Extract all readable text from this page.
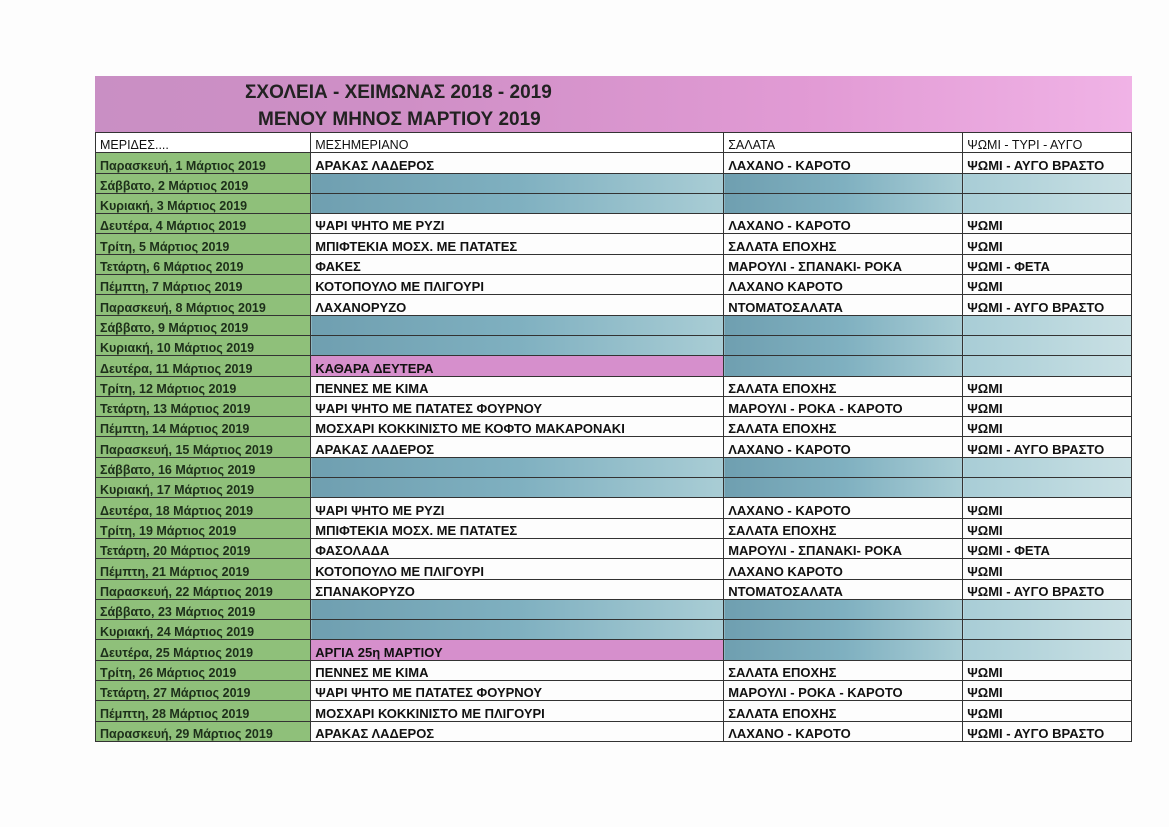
ΣΧΟΛΕΙΑ - ΧΕΙΜΩΝΑΣ 2018 - 2019
ΜΕΝΟΥ ΜΗΝΟΣ ΜΑΡΤΙΟΥ 2019
ΜΕΡΙΔΕΣ....	ΜΕΣΗΜΕΡΙΑΝΟ	ΣΑΛΑΤΑ	ΨΩΜΙ - ΤΥΡΙ - ΑΥΓΟ
Παρασκευή, 1 Μάρτιος 2019	ΑΡΑΚΑΣ ΛΑΔΕΡΟΣ	ΛΑΧΑΝΟ - ΚΑΡΟΤΟ	ΨΩΜΙ - ΑΥΓΟ ΒΡΑΣΤΟ
Σάββατο, 2 Μάρτιος 2019			
Κυριακή, 3 Μάρτιος 2019			
Δευτέρα, 4 Μάρτιος 2019	ΨΑΡΙ ΨΗΤΟ ΜΕ ΡΥΖΙ	ΛΑΧΑΝΟ - ΚΑΡΟΤΟ	ΨΩΜΙ
Τρίτη, 5 Μάρτιος 2019	ΜΠΙΦΤΕΚΙΑ ΜΟΣΧ. ΜΕ ΠΑΤΑΤΕΣ	ΣΑΛΑΤΑ ΕΠΟΧΗΣ	ΨΩΜΙ
Τετάρτη, 6 Μάρτιος 2019	ΦΑΚΕΣ	ΜΑΡΟΥΛΙ - ΣΠΑΝΑΚΙ- ΡΟΚΑ	ΨΩΜΙ - ΦΕΤΑ
Πέμπτη, 7 Μάρτιος 2019	ΚΟΤΟΠΟΥΛΟ ΜΕ ΠΛΙΓΟΥΡΙ	ΛΑΧΑΝΟ ΚΑΡΟΤΟ	ΨΩΜΙ
Παρασκευή, 8 Μάρτιος 2019	ΛΑΧΑΝΟΡΥΖΟ	ΝΤΟΜΑΤΟΣΑΛΑΤΑ	ΨΩΜΙ - ΑΥΓΟ ΒΡΑΣΤΟ
Σάββατο, 9 Μάρτιος 2019			
Κυριακή, 10 Μάρτιος 2019			
Δευτέρα, 11 Μάρτιος 2019	ΚΑΘΑΡΑ ΔΕΥΤΕΡΑ		
Τρίτη, 12 Μάρτιος 2019	ΠΕΝΝΕΣ ΜΕ ΚΙΜΑ	ΣΑΛΑΤΑ ΕΠΟΧΗΣ	ΨΩΜΙ
Τετάρτη, 13 Μάρτιος 2019	ΨΑΡΙ ΨΗΤΟ ΜΕ ΠΑΤΑΤΕΣ ΦΟΥΡΝΟΥ	ΜΑΡΟΥΛΙ - ΡΟΚΑ - ΚΑΡΟΤΟ	ΨΩΜΙ
Πέμπτη, 14 Μάρτιος 2019	ΜΟΣΧΑΡΙ ΚΟΚΚΙΝΙΣΤΟ ΜΕ ΚΟΦΤΟ ΜΑΚΑΡΟΝΑΚΙ	ΣΑΛΑΤΑ ΕΠΟΧΗΣ	ΨΩΜΙ
Παρασκευή, 15 Μάρτιος 2019	ΑΡΑΚΑΣ ΛΑΔΕΡΟΣ	ΛΑΧΑΝΟ - ΚΑΡΟΤΟ	ΨΩΜΙ - ΑΥΓΟ ΒΡΑΣΤΟ
Σάββατο, 16 Μάρτιος 2019			
Κυριακή, 17 Μάρτιος 2019			
Δευτέρα, 18 Μάρτιος 2019	ΨΑΡΙ ΨΗΤΟ ΜΕ ΡΥΖΙ	ΛΑΧΑΝΟ - ΚΑΡΟΤΟ	ΨΩΜΙ
Τρίτη, 19 Μάρτιος 2019	ΜΠΙΦΤΕΚΙΑ ΜΟΣΧ. ΜΕ ΠΑΤΑΤΕΣ	ΣΑΛΑΤΑ ΕΠΟΧΗΣ	ΨΩΜΙ
Τετάρτη, 20 Μάρτιος 2019	ΦΑΣΟΛΑΔΑ	ΜΑΡΟΥΛΙ - ΣΠΑΝΑΚΙ- ΡΟΚΑ	ΨΩΜΙ - ΦΕΤΑ
Πέμπτη, 21 Μάρτιος 2019	ΚΟΤΟΠΟΥΛΟ ΜΕ ΠΛΙΓΟΥΡΙ	ΛΑΧΑΝΟ ΚΑΡΟΤΟ	ΨΩΜΙ
Παρασκευή, 22 Μάρτιος 2019	ΣΠΑΝΑΚΟΡΥΖΟ	ΝΤΟΜΑΤΟΣΑΛΑΤΑ	ΨΩΜΙ - ΑΥΓΟ ΒΡΑΣΤΟ
Σάββατο, 23 Μάρτιος 2019			
Κυριακή, 24 Μάρτιος 2019			
Δευτέρα, 25 Μάρτιος 2019	ΑΡΓΙΑ 25η ΜΑΡΤΙΟΥ		
Τρίτη, 26 Μάρτιος 2019	ΠΕΝΝΕΣ ΜΕ ΚΙΜΑ	ΣΑΛΑΤΑ ΕΠΟΧΗΣ	ΨΩΜΙ
Τετάρτη, 27 Μάρτιος 2019	ΨΑΡΙ ΨΗΤΟ ΜΕ ΠΑΤΑΤΕΣ ΦΟΥΡΝΟΥ	ΜΑΡΟΥΛΙ - ΡΟΚΑ - ΚΑΡΟΤΟ	ΨΩΜΙ
Πέμπτη, 28 Μάρτιος 2019	ΜΟΣΧΑΡΙ ΚΟΚΚΙΝΙΣΤΟ ΜΕ ΠΛΙΓΟΥΡΙ	ΣΑΛΑΤΑ ΕΠΟΧΗΣ	ΨΩΜΙ
Παρασκευή, 29 Μάρτιος 2019	ΑΡΑΚΑΣ ΛΑΔΕΡΟΣ	ΛΑΧΑΝΟ - ΚΑΡΟΤΟ	ΨΩΜΙ - ΑΥΓΟ ΒΡΑΣΤΟ
